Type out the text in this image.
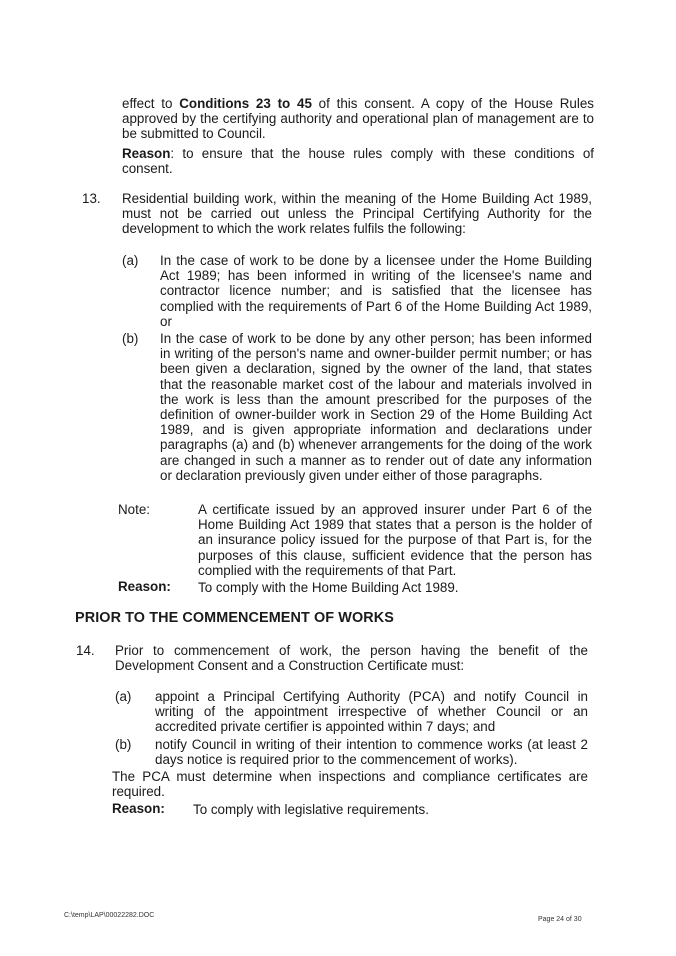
effect to Conditions 23 to 45 of this consent. A copy of the House Rules approved by the certifying authority and operational plan of management are to be submitted to Council.
Reason: to ensure that the house rules comply with these conditions of consent.
13. Residential building work, within the meaning of the Home Building Act 1989, must not be carried out unless the Principal Certifying Authority for the development to which the work relates fulfils the following:
(a) In the case of work to be done by a licensee under the Home Building Act 1989; has been informed in writing of the licensee's name and contractor licence number; and is satisfied that the licensee has complied with the requirements of Part 6 of the Home Building Act 1989, or
(b) In the case of work to be done by any other person; has been informed in writing of the person's name and owner-builder permit number; or has been given a declaration, signed by the owner of the land, that states that the reasonable market cost of the labour and materials involved in the work is less than the amount prescribed for the purposes of the definition of owner-builder work in Section 29 of the Home Building Act 1989, and is given appropriate information and declarations under paragraphs (a) and (b) whenever arrangements for the doing of the work are changed in such a manner as to render out of date any information or declaration previously given under either of those paragraphs.
Note:	A certificate issued by an approved insurer under Part 6 of the Home Building Act 1989 that states that a person is the holder of an insurance policy issued for the purpose of that Part is, for the purposes of this clause, sufficient evidence that the person has complied with the requirements of that Part.
Reason: To comply with the Home Building Act 1989.
PRIOR TO THE COMMENCEMENT OF WORKS
14. Prior to commencement of work, the person having the benefit of the Development Consent and a Construction Certificate must:
(a) appoint a Principal Certifying Authority (PCA) and notify Council in writing of the appointment irrespective of whether Council or an accredited private certifier is appointed within 7 days; and
(b) notify Council in writing of their intention to commence works (at least 2 days notice is required prior to the commencement of works).
The PCA must determine when inspections and compliance certificates are required.
Reason: To comply with legislative requirements.
C:\temp\LAP\00022282.DOC
Page 24 of 30
